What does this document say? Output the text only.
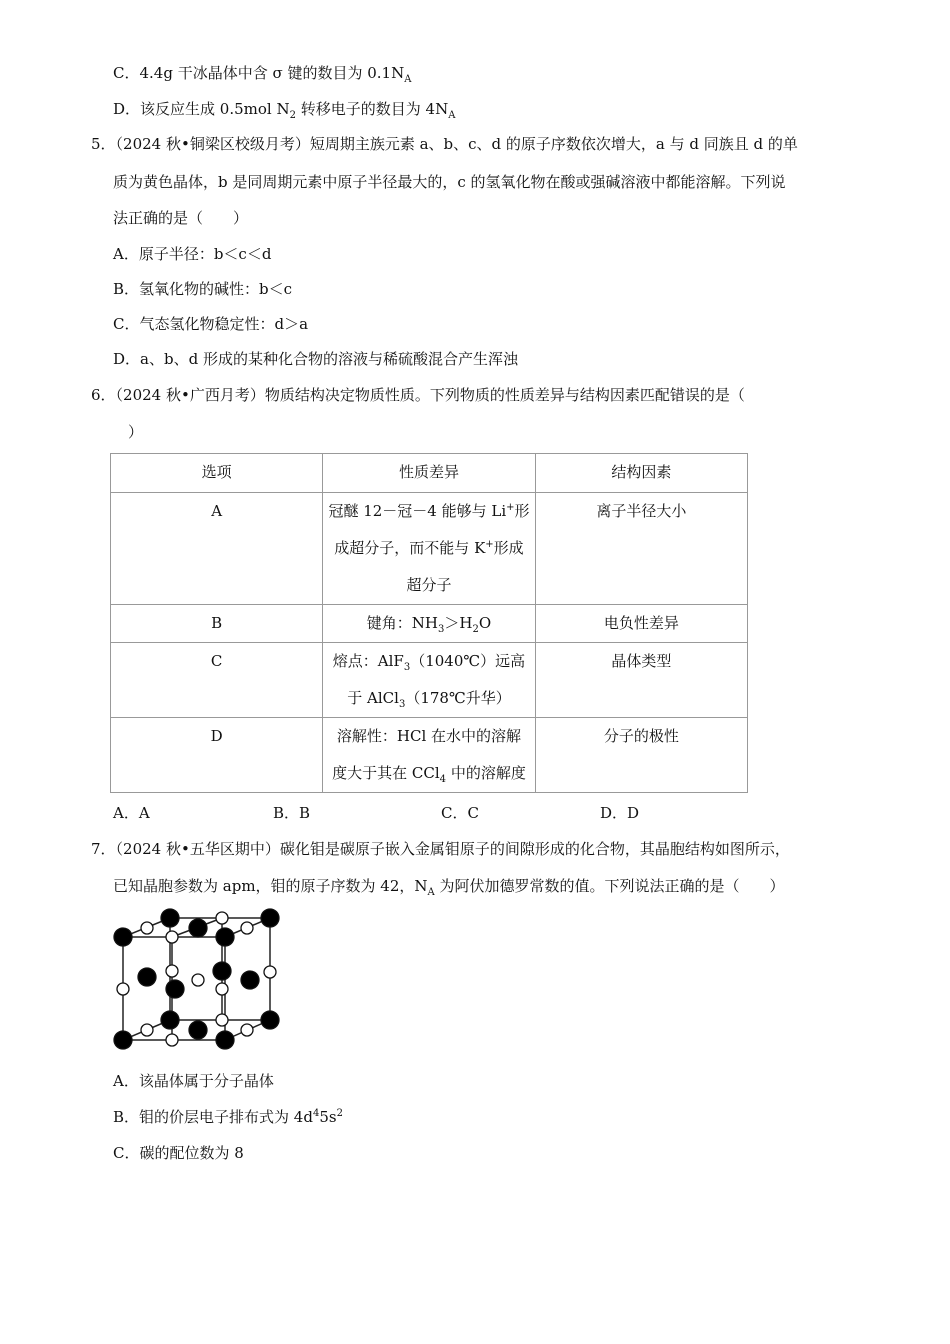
C．4.4g 干冰晶体中含 σ 键的数目为 $0.1N_A$
D．该反应生成 0.5mol $N_2$ 转移电子的数目为 $4N_A$
5．（2024 秋•铜梁区校级月考）短周期主族元素 a、b、c、d 的原子序数依次增大，a 与 d 同族且 d 的单
质为黄色晶体，b 是同周期元素中原子半径最大的，c 的氢氧化物在酸或强碱溶液中都能溶解。下列说
法正确的是（　　）
A．原子半径：b＜c＜d
B．氢氧化物的碱性：b＜c
C．气态氢化物稳定性：d＞a
D．a、b、d 形成的某种化合物的溶液与稀硫酸混合产生浑浊
6．（2024 秋•广西月考）物质结构决定物质性质。下列物质的性质差异与结构因素匹配错误的是（
）
选项	性质差异	结构因素
A	冠醚 12－冠－4 能够与 Li+形
成超分子，而不能与 K+形成
超分子	离子半径大小
B	键角：$NH_3>H_2O$	电负性差异
C	熔点：AlF$_3$（1040℃）远高
于 AlCl$_3$（178℃升华）	晶体类型
D	溶解性：HCl 在水中的溶解
度大于其在 CCl$_4$ 中的溶解度	分子的极性
A．A	B．B	C．C	D．D
7．（2024 秋•五华区期中）碳化钼是碳原子嵌入金属钼原子的间隙形成的化合物，其晶胞结构如图所示，
已知晶胞参数为 apm，钼的原子序数为 42，$N_A$ 为阿伏加德罗常数的值。下列说法正确的是（　　）
A．该晶体属于分子晶体
B．钼的价层电子排布式为 $4d^45s^2$
C．碳的配位数为 8
